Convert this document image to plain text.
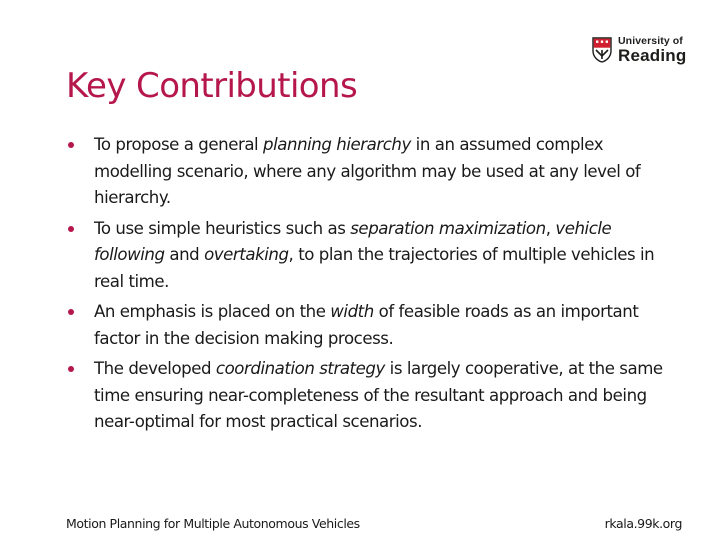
University of
Reading
Key Contributions
To propose a general planning hierarchy in an assumed complex modelling scenario, where any algorithm may be used at any level of hierarchy.
To use simple heuristics such as separation maximization, vehicle following and overtaking, to plan the trajectories of multiple vehicles in real time.
An emphasis is placed on the width of feasible roads as an important factor in the decision making process.
The developed coordination strategy is largely cooperative, at the same time ensuring near-completeness of the resultant approach and being near-optimal for most practical scenarios.
Motion Planning for Multiple Autonomous Vehicles	rkala.99k.org
